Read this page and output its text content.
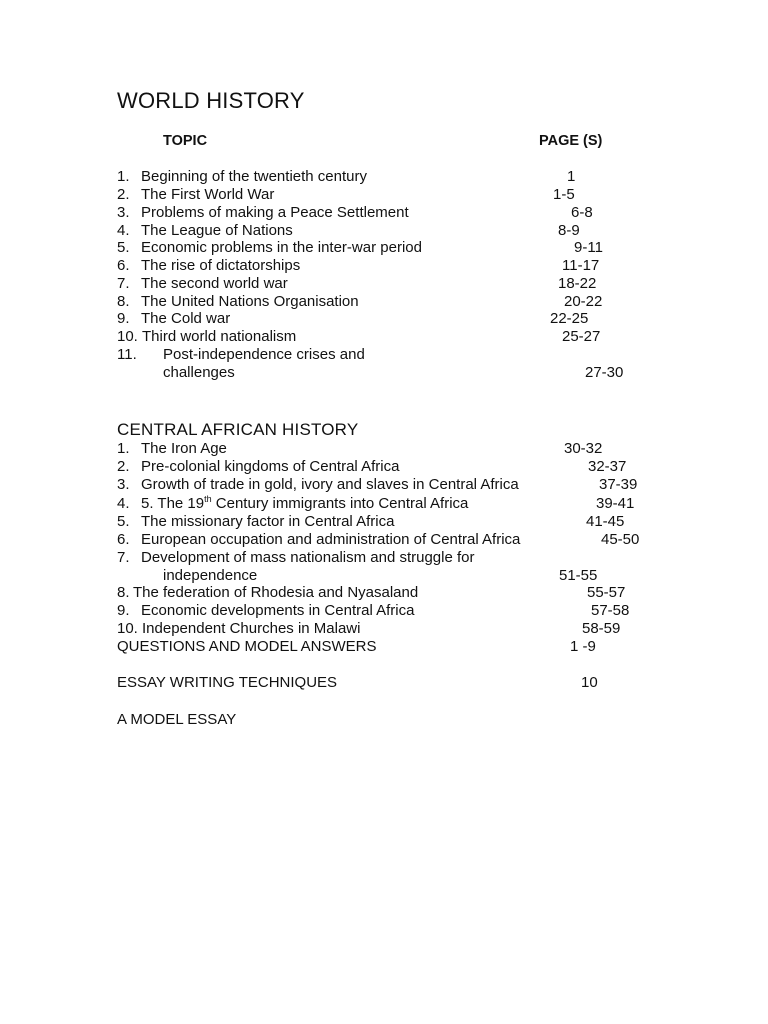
WORLD HISTORY
TOPIC	PAGE (S)
1. Beginning of the twentieth century	1
2. The First World War	1-5
3. Problems of making a Peace Settlement	6-8
4. The League of Nations	8-9
5. Economic problems in the inter-war period	9-11
6. The rise of dictatorships	11-17
7. The second world war	18-22
8. The United Nations Organisation	20-22
9. The Cold war	22-25
10. Third world nationalism	25-27
11. Post-independence crises and
challenges	27-30
CENTRAL AFRICAN HISTORY
1. The Iron Age	30-32
2. Pre-colonial kingdoms of Central Africa	32-37
3. Growth of trade in gold, ivory and slaves in Central Africa	37-39
4. 5. The 19th Century immigrants into Central Africa	39-41
5. The missionary factor in Central Africa	41-45
6. European occupation and administration of Central Africa	45-50
7. Development of mass nationalism and struggle for
independence	51-55
8. The federation of Rhodesia and Nyasaland	55-57
9. Economic developments in Central Africa	57-58
10. Independent Churches in Malawi	58-59
QUESTIONS AND MODEL ANSWERS	1 -9
ESSAY WRITING TECHNIQUES	10
A MODEL ESSAY
